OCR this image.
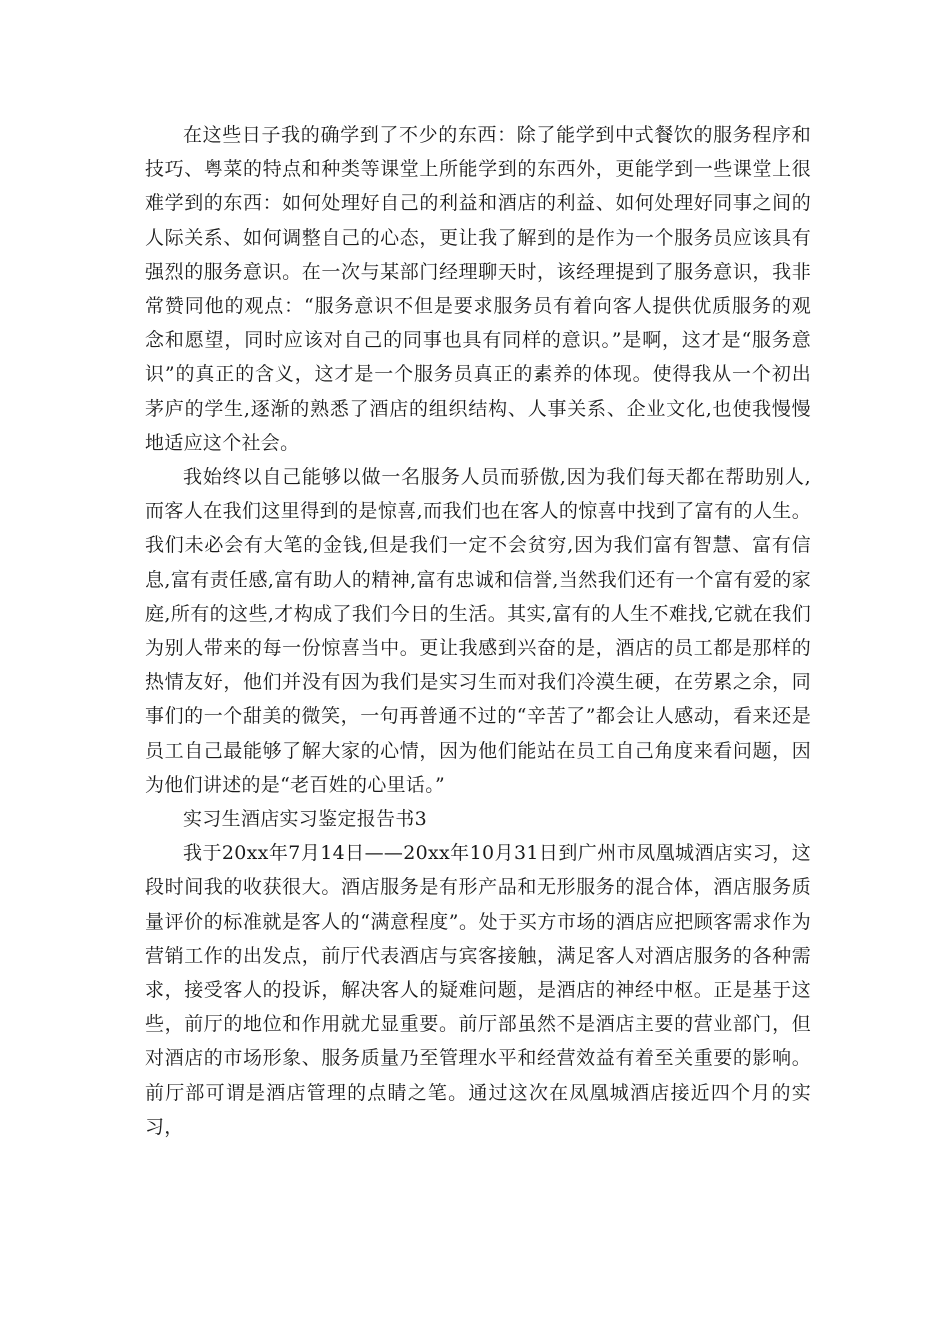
在这些日子我的确学到了不少的东西：除了能学到中式餐饮的服务程序和技巧、粤菜的特点和种类等课堂上所能学到的东西外，更能学到一些课堂上很难学到的东西：如何处理好自己的利益和酒店的利益、如何处理好同事之间的人际关系、如何调整自己的心态，更让我了解到的是作为一个服务员应该具有强烈的服务意识。在一次与某部门经理聊天时，该经理提到了服务意识，我非常赞同他的观点：“服务意识不但是要求服务员有着向客人提供优质服务的观念和愿望，同时应该对自己的同事也具有同样的意识。”是啊，这才是“服务意识”的真正的含义，这才是一个服务员真正的素养的体现。使得我从一个初出茅庐的学生,逐渐的熟悉了酒店的组织结构、人事关系、企业文化,也使我慢慢地适应这个社会。

我始终以自己能够以做一名服务人员而骄傲,因为我们每天都在帮助别人,而客人在我们这里得到的是惊喜,而我们也在客人的惊喜中找到了富有的人生。我们未必会有大笔的金钱,但是我们一定不会贫穷,因为我们富有智慧、富有信息,富有责任感,富有助人的精神,富有忠诚和信誉,当然我们还有一个富有爱的家庭,所有的这些,才构成了我们今日的生活。其实,富有的人生不难找,它就在我们为别人带来的每一份惊喜当中。更让我感到兴奋的是，酒店的员工都是那样的热情友好，他们并没有因为我们是实习生而对我们冷漠生硬，在劳累之余，同事们的一个甜美的微笑，一句再普通不过的“辛苦了”都会让人感动，看来还是员工自己最能够了解大家的心情，因为他们能站在员工自己角度来看问题，因为他们讲述的是“老百姓的心里话。”

实习生酒店实习鉴定报告书3

我于20xx年7月14日——20xx年10月31日到广州市凤凰城酒店实习，这段时间我的收获很大。酒店服务是有形产品和无形服务的混合体，酒店服务质量评价的标准就是客人的“满意程度”。处于买方市场的酒店应把顾客需求作为营销工作的出发点，前厅代表酒店与宾客接触，满足客人对酒店服务的各种需求，接受客人的投诉，解决客人的疑难问题，是酒店的神经中枢。正是基于这些，前厅的地位和作用就尤显重要。前厅部虽然不是酒店主要的营业部门，但对酒店的市场形象、服务质量乃至管理水平和经营效益有着至关重要的影响。前厅部可谓是酒店管理的点睛之笔。通过这次在凤凰城酒店接近四个月的实习，
